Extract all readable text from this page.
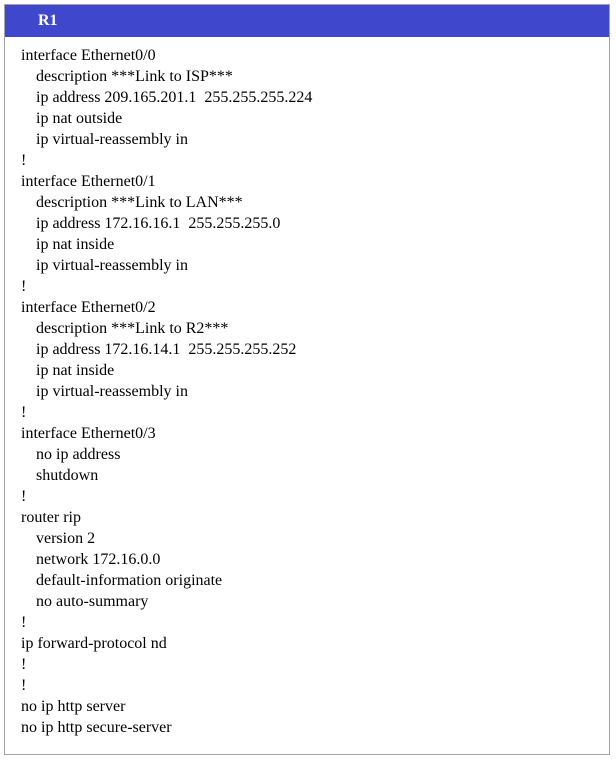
R1
interface Ethernet0/0
description ***Link to ISP***
ip address 209.165.201.1  255.255.255.224
ip nat outside
ip virtual-reassembly in
!
interface Ethernet0/1
description ***Link to LAN***
ip address 172.16.16.1  255.255.255.0
ip nat inside
ip virtual-reassembly in
!
interface Ethernet0/2
description ***Link to R2***
ip address 172.16.14.1  255.255.255.252
ip nat inside
ip virtual-reassembly in
!
interface Ethernet0/3
no ip address
shutdown
!
router rip
version 2
network 172.16.0.0
default-information originate
no auto-summary
!
ip forward-protocol nd
!
!
no ip http server
no ip http secure-server
